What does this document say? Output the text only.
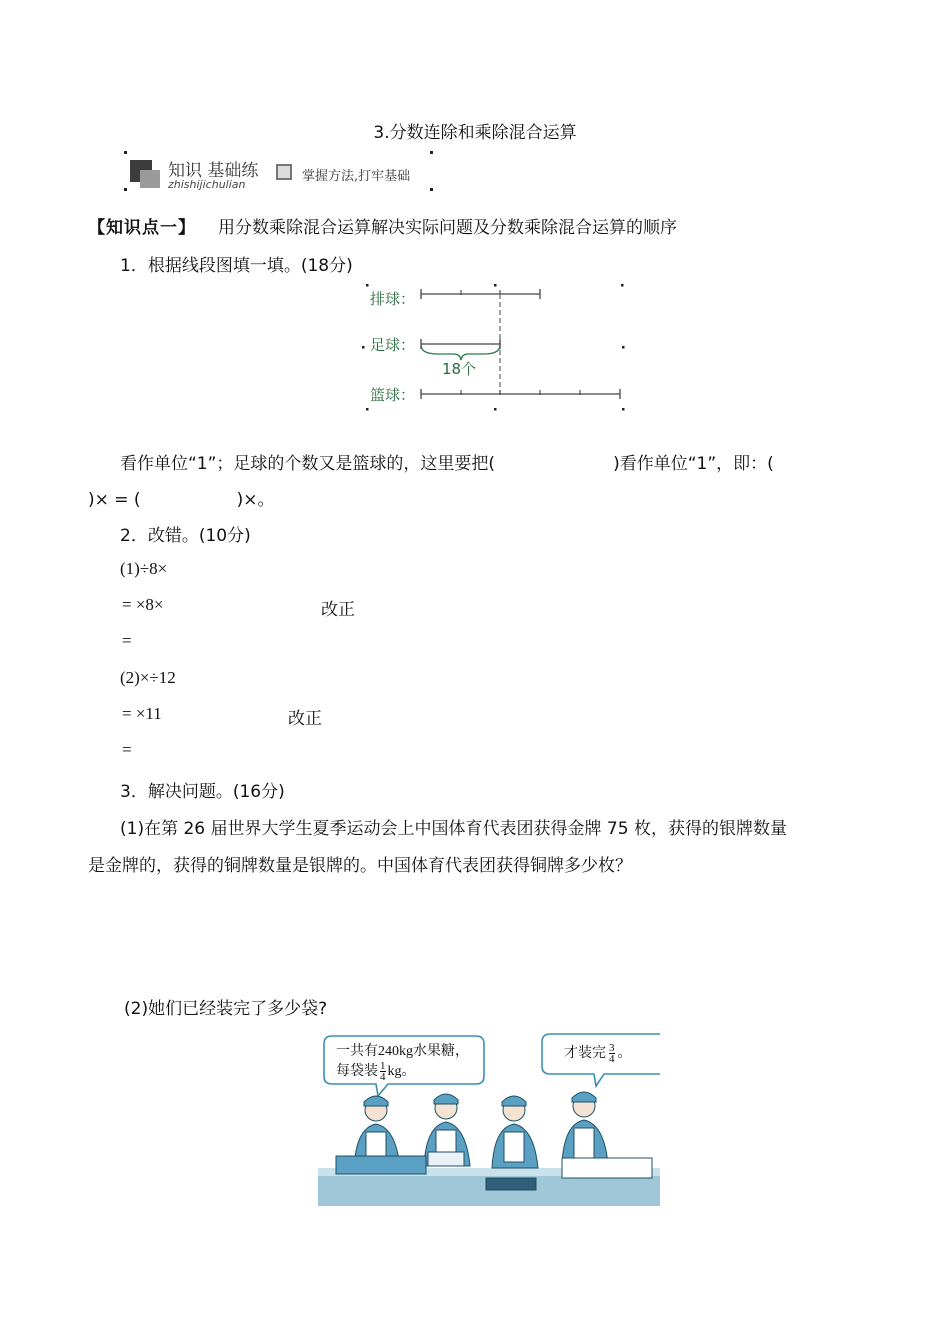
3.分数连除和乘除混合运算
知识 基础练
zhishijichulian
掌握方法,打牢基础
【知识点一】 用分数乘除混合运算解决实际问题及分数乘除混合运算的顺序
1．根据线段图填一填。(18分)
排球：
足球：
篮球：
18个
看作单位“1”；足球的个数又是篮球的，这里要把(	)看作单位“1”，即：(
)× = (	)×。
2．改错。(10分)
(1)÷8×
= ×8×	改正
=
(2)×÷12
= ×11	改正
=
3．解决问题。(16分)
(1)在第 26 届世界大学生夏季运动会上中国体育代表团获得金牌 75 枚，获得的银牌数量
是金牌的，获得的铜牌数量是银牌的。中国体育代表团获得铜牌多少枚？
(2)她们已经装完了多少袋?
一共有240kg水果糖，
每袋装 $\frac{1}{4}$ kg。
才装完 $\frac{3}{4}$ 。
